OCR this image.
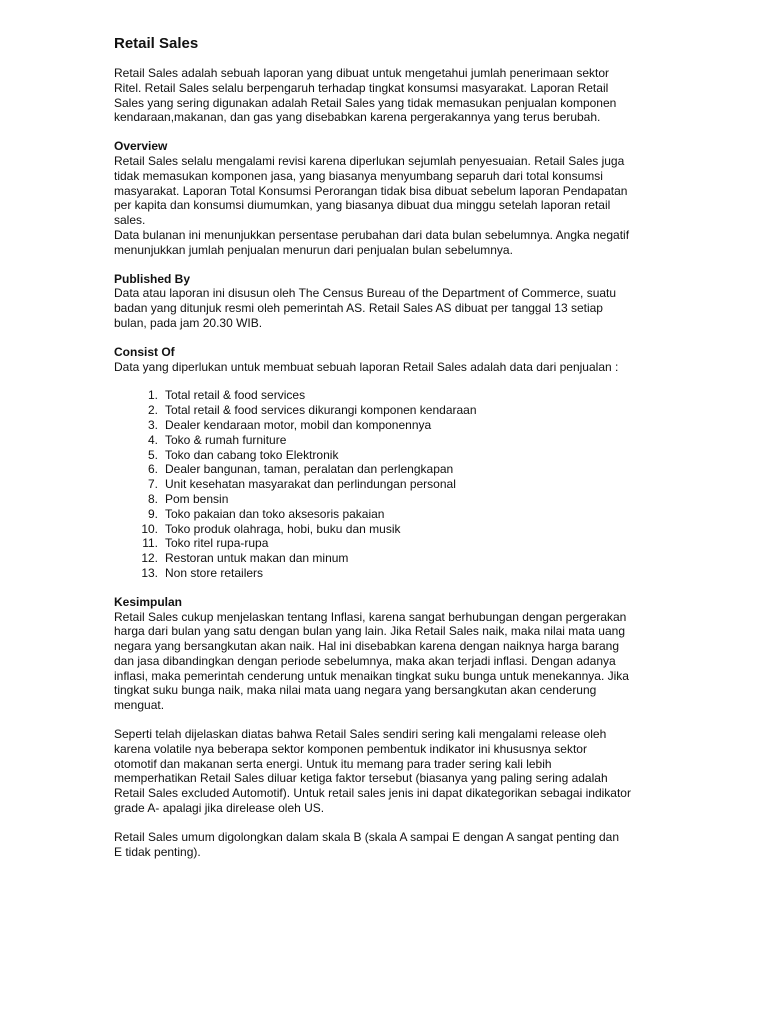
Retail Sales
Retail Sales adalah sebuah laporan yang dibuat untuk mengetahui jumlah penerimaan sektor
Ritel. Retail Sales selalu berpengaruh terhadap tingkat konsumsi masyarakat. Laporan Retail
Sales yang sering digunakan adalah Retail Sales yang tidak memasukan penjualan komponen
kendaraan,makanan, dan gas yang disebabkan karena pergerakannya yang terus berubah.
Overview
Retail Sales selalu mengalami revisi karena diperlukan sejumlah penyesuaian. Retail Sales juga
tidak memasukan komponen jasa, yang biasanya menyumbang separuh dari total konsumsi
masyarakat. Laporan Total Konsumsi Perorangan tidak bisa dibuat sebelum laporan Pendapatan
per kapita dan konsumsi diumumkan, yang biasanya dibuat dua minggu setelah laporan retail
sales.
Data bulanan ini menunjukkan persentase perubahan dari data bulan sebelumnya. Angka negatif
menunjukkan jumlah penjualan menurun dari penjualan bulan sebelumnya.
Published By
Data atau laporan ini disusun oleh The Census Bureau of the Department of Commerce, suatu
badan yang ditunjuk resmi oleh pemerintah AS. Retail Sales AS dibuat per tanggal 13 setiap
bulan, pada jam 20.30 WIB.
Consist Of
Data yang diperlukan untuk membuat sebuah laporan Retail Sales adalah data dari penjualan :
1. Total retail & food services
2. Total retail & food services dikurangi komponen kendaraan
3. Dealer kendaraan motor, mobil dan komponennya
4. Toko & rumah furniture
5. Toko dan cabang toko Elektronik
6. Dealer bangunan, taman, peralatan dan perlengkapan
7. Unit kesehatan masyarakat dan perlindungan personal
8. Pom bensin
9. Toko pakaian dan toko aksesoris pakaian
10. Toko produk olahraga, hobi, buku dan musik
11. Toko ritel rupa-rupa
12. Restoran untuk makan dan minum
13. Non store retailers
Kesimpulan
Retail Sales cukup menjelaskan tentang Inflasi, karena sangat berhubungan dengan pergerakan
harga dari bulan yang satu dengan bulan yang lain. Jika Retail Sales naik, maka nilai mata uang
negara yang bersangkutan akan naik. Hal ini disebabkan karena dengan naiknya harga barang
dan jasa dibandingkan dengan periode sebelumnya, maka akan terjadi inflasi. Dengan adanya
inflasi, maka pemerintah cenderung untuk menaikan tingkat suku bunga untuk menekannya. Jika
tingkat suku bunga naik, maka nilai mata uang negara yang bersangkutan akan cenderung
menguat.
Seperti telah dijelaskan diatas bahwa Retail Sales sendiri sering kali mengalami release oleh
karena volatile nya beberapa sektor komponen pembentuk indikator ini khususnya sektor
otomotif dan makanan serta energi. Untuk itu memang para trader sering kali lebih
memperhatikan Retail Sales diluar ketiga faktor tersebut (biasanya yang paling sering adalah
Retail Sales excluded Automotif). Untuk retail sales jenis ini dapat dikategorikan sebagai indikator
grade A- apalagi jika direlease oleh US.
Retail Sales umum digolongkan dalam skala B (skala A sampai E dengan A sangat penting dan
E tidak penting).
